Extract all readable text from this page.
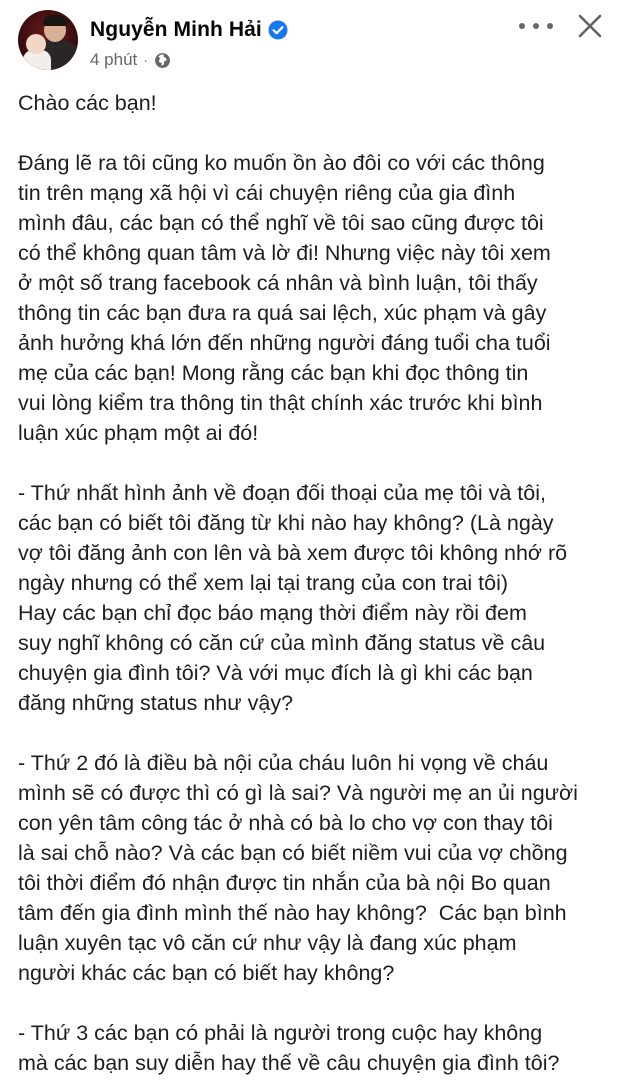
Nguyễn Minh Hải
4 phút ·
Chào các bạn!
Đáng lẽ ra tôi cũng ko muốn ồn ào đôi co với các thông
tin trên mạng xã hội vì cái chuyện riêng của gia đình
mình đâu, các bạn có thể nghĩ về tôi sao cũng được tôi
có thể không quan tâm và lờ đi! Nhưng việc này tôi xem
ở một số trang facebook cá nhân và bình luận, tôi thấy
thông tin các bạn đưa ra quá sai lệch, xúc phạm và gây
ảnh hưởng khá lớn đến những người đáng tuổi cha tuổi
mẹ của các bạn! Mong rằng các bạn khi đọc thông tin
vui lòng kiểm tra thông tin thật chính xác trước khi bình
luận xúc phạm một ai đó!
- Thứ nhất hình ảnh về đoạn đối thoại của mẹ tôi và tôi,
các bạn có biết tôi đăng từ khi nào hay không? (Là ngày
vợ tôi đăng ảnh con lên và bà xem được tôi không nhớ rõ
ngày nhưng có thể xem lại tại trang của con trai tôi)
Hay các bạn chỉ đọc báo mạng thời điểm này rồi đem
suy nghĩ không có căn cứ của mình đăng status về câu
chuyện gia đình tôi? Và với mục đích là gì khi các bạn
đăng những status như vậy?
- Thứ 2 đó là điều bà nội của cháu luôn hi vọng về cháu
mình sẽ có được thì có gì là sai? Và người mẹ an ủi người
con yên tâm công tác ở nhà có bà lo cho vợ con thay tôi
là sai chỗ nào? Và các bạn có biết niềm vui của vợ chồng
tôi thời điểm đó nhận được tin nhắn của bà nội Bo quan
tâm đến gia đình mình thế nào hay không?  Các bạn bình
luận xuyên tạc vô căn cứ như vậy là đang xúc phạm
người khác các bạn có biết hay không?
- Thứ 3 các bạn có phải là người trong cuộc hay không
mà các bạn suy diễn hay thế về câu chuyện gia đình tôi?
